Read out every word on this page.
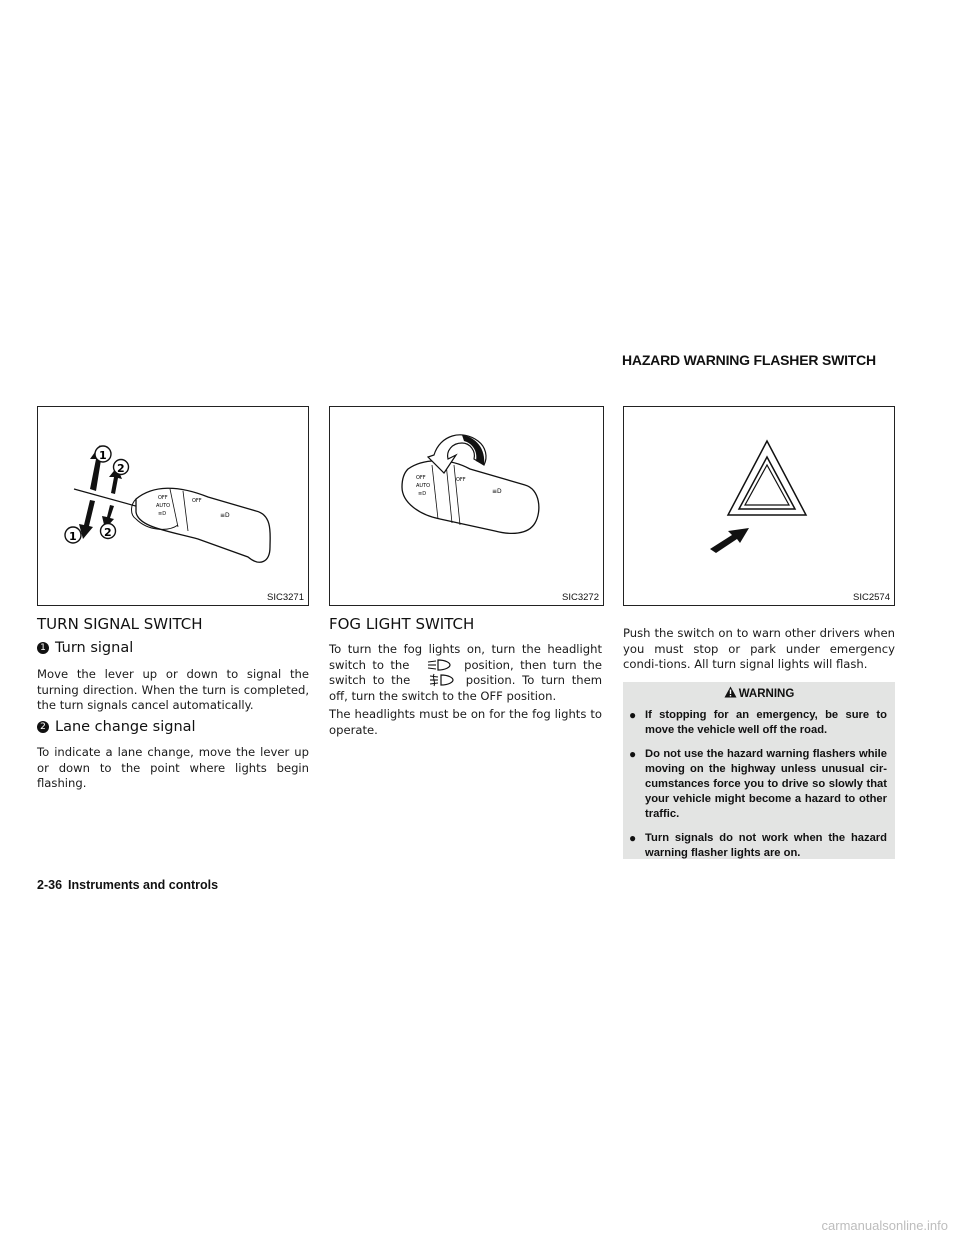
HAZARD WARNING FLASHER SWITCH
OFF
AUTO
≡D
OFF
≡D
1
2
1 2
SIC3271
OFF
AUTO
≡D
OFF
≡D
SIC3272	SIC2574
TURN SIGNAL SWITCH
1 Turn signal

Move the lever up or down to signal the turning direction. When the turn is completed, the turn signals cancel automatically.

2 Lane change signal

To indicate a lane change, move the lever up or down to the point where lights begin flashing.

FOG LIGHT SWITCH

To turn the fog lights on, turn the headlight switch to the	position, then turn the switch to the	position. To turn them off, turn the switch to the OFF position.

The headlights must be on for the fog lights to operate.

Push the switch on to warn other drivers when you must stop or park under emergency condi-tions. All turn signal lights will flash.

WARNING
● If stopping for an emergency, be sure to move the vehicle well off the road.
● Do not use the hazard warning flashers while moving on the highway unless unusual cir-cumstances force you to drive so slowly that your vehicle might become a hazard to other traffic.
● Turn signals do not work when the hazard warning flasher lights are on.
2-36 Instruments and controls
carmanualsonline.info
